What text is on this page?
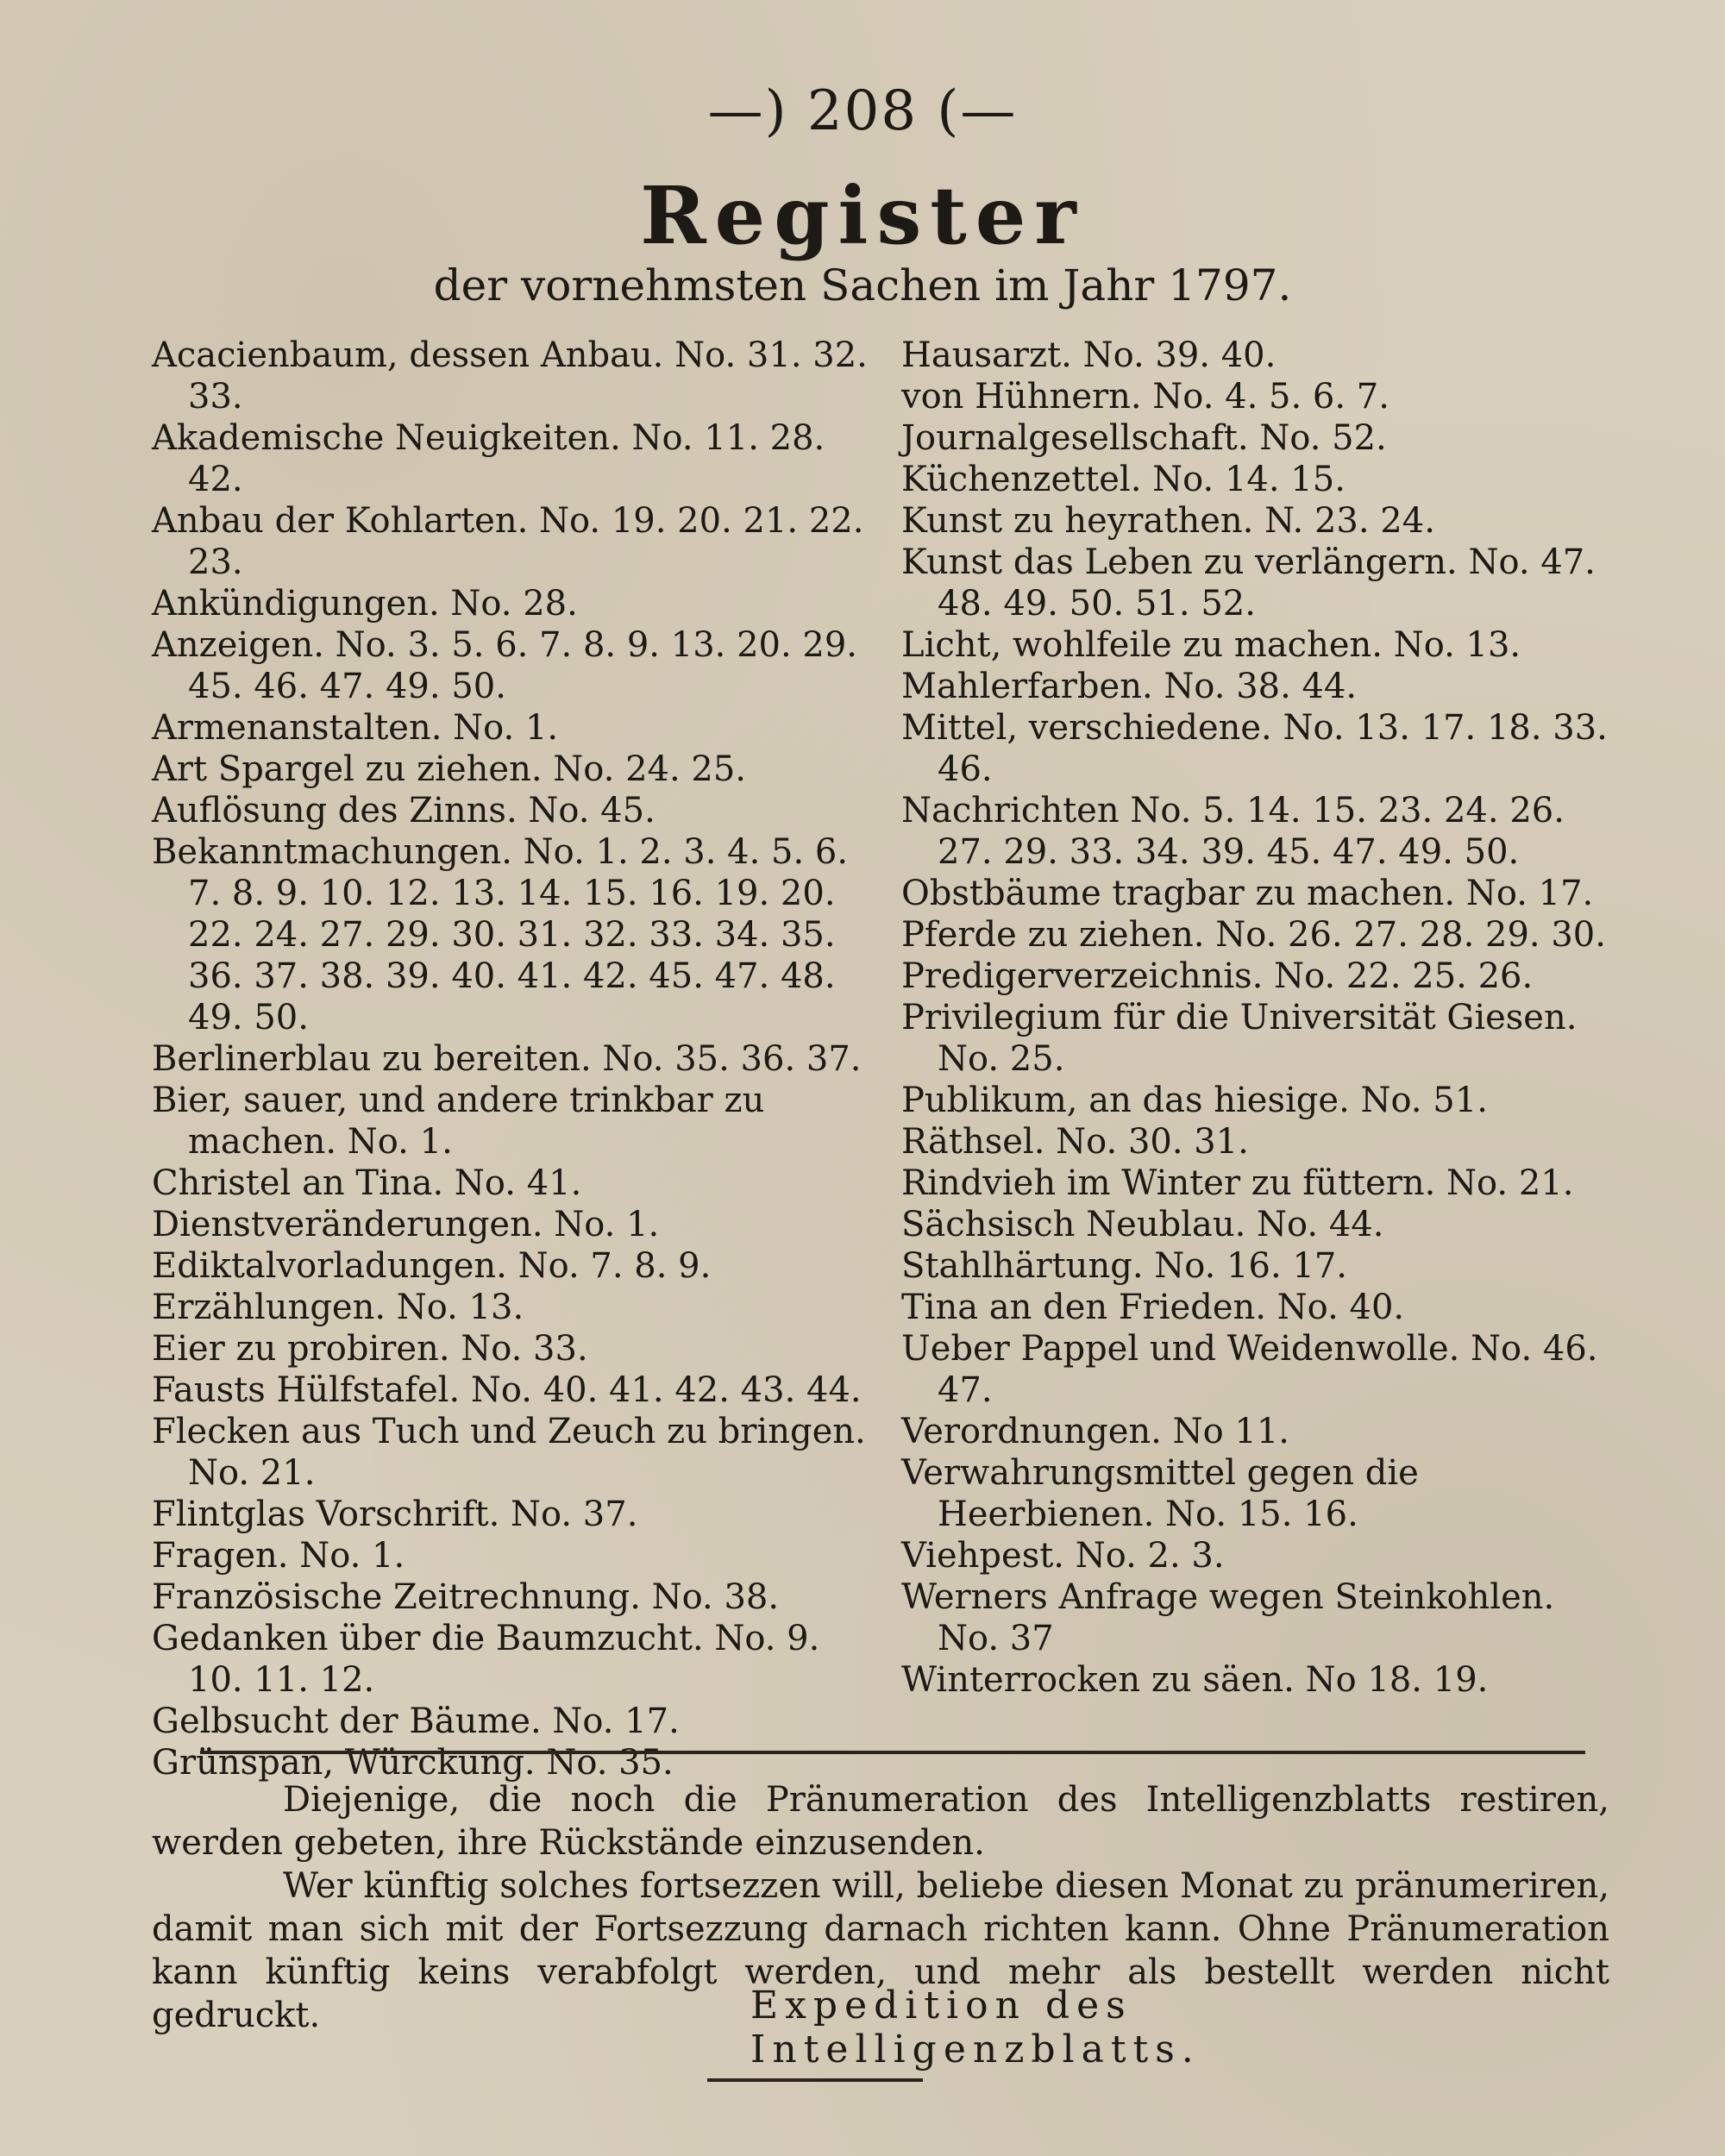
—) 208 (—
Register
der vornehmsten Sachen im Jahr 1797.

Acacienbaum, dessen Anbau. No. 31. 32. 33.

Akademische Neuigkeiten. No. 11. 28. 42.

Anbau der Kohlarten. No. 19. 20. 21. 22. 23.

Ankündigungen. No. 28.

Anzeigen. No. 3. 5. 6. 7. 8. 9. 13. 20. 29. 45. 46. 47. 49. 50.

Armenanstalten. No. 1.

Art Spargel zu ziehen. No. 24. 25.

Auflösung des Zinns. No. 45.

Bekanntmachungen. No. 1. 2. 3. 4. 5. 6. 7. 8. 9. 10. 12. 13. 14. 15. 16. 19. 20. 22. 24. 27. 29. 30. 31. 32. 33. 34. 35. 36. 37. 38. 39. 40. 41. 42. 45. 47. 48. 49. 50.

Berlinerblau zu bereiten. No. 35. 36. 37.

Bier, sauer, und andere trinkbar zu machen. No. 1.

Christel an Tina. No. 41.

Dienstveränderungen. No. 1.

Ediktalvorladungen. No. 7. 8. 9.

Erzählungen. No. 13.

Eier zu probiren. No. 33.

Fausts Hülfstafel. No. 40. 41. 42. 43. 44.

Flecken aus Tuch und Zeuch zu bringen. No. 21.

Flintglas Vorschrift. No. 37.

Fragen. No. 1.

Französische Zeitrechnung. No. 38.

Gedanken über die Baumzucht. No. 9. 10. 11. 12.

Gelbsucht der Bäume. No. 17.

Grünspan, Würckung. No. 35.

Hausarzt. No. 39. 40.

von Hühnern. No. 4. 5. 6. 7.

Journalgesellschaft. No. 52.

Küchenzettel. No. 14. 15.

Kunst zu heyrathen. N. 23. 24.

Kunst das Leben zu verlängern. No. 47. 48. 49. 50. 51. 52.

Licht, wohlfeile zu machen. No. 13.

Mahlerfarben. No. 38. 44.

Mittel, verschiedene. No. 13. 17. 18. 33. 46.

Nachrichten No. 5. 14. 15. 23. 24. 26. 27. 29. 33. 34. 39. 45. 47. 49. 50.

Obstbäume tragbar zu machen. No. 17.

Pferde zu ziehen. No. 26. 27. 28. 29. 30.

Predigerverzeichnis. No. 22. 25. 26.

Privilegium für die Universität Giesen. No. 25.

Publikum, an das hiesige. No. 51.

Räthsel. No. 30. 31.

Rindvieh im Winter zu füttern. No. 21.

Sächsisch Neublau. No. 44.

Stahlhärtung. No. 16. 17.

Tina an den Frieden. No. 40.

Ueber Pappel und Weidenwolle. No. 46. 47.

Verordnungen. No 11.

Verwahrungsmittel gegen die Heerbienen. No. 15. 16.

Viehpest. No. 2. 3.

Werners Anfrage wegen Steinkohlen. No. 37

Winterrocken zu säen. No 18. 19.

Diejenige, die noch die Pränumeration des Intelligenzblatts restiren, werden gebeten, ihre Rückstände einzusenden.

Wer künftig solches fortsezzen will, beliebe diesen Monat zu pränumeriren, damit man sich mit der Fortsezzung darnach richten kann. Ohne Pränumeration kann künftig keins verabfolgt werden, und mehr als bestellt werden nicht gedruckt.	Expedition des Intelligenzblatts.
